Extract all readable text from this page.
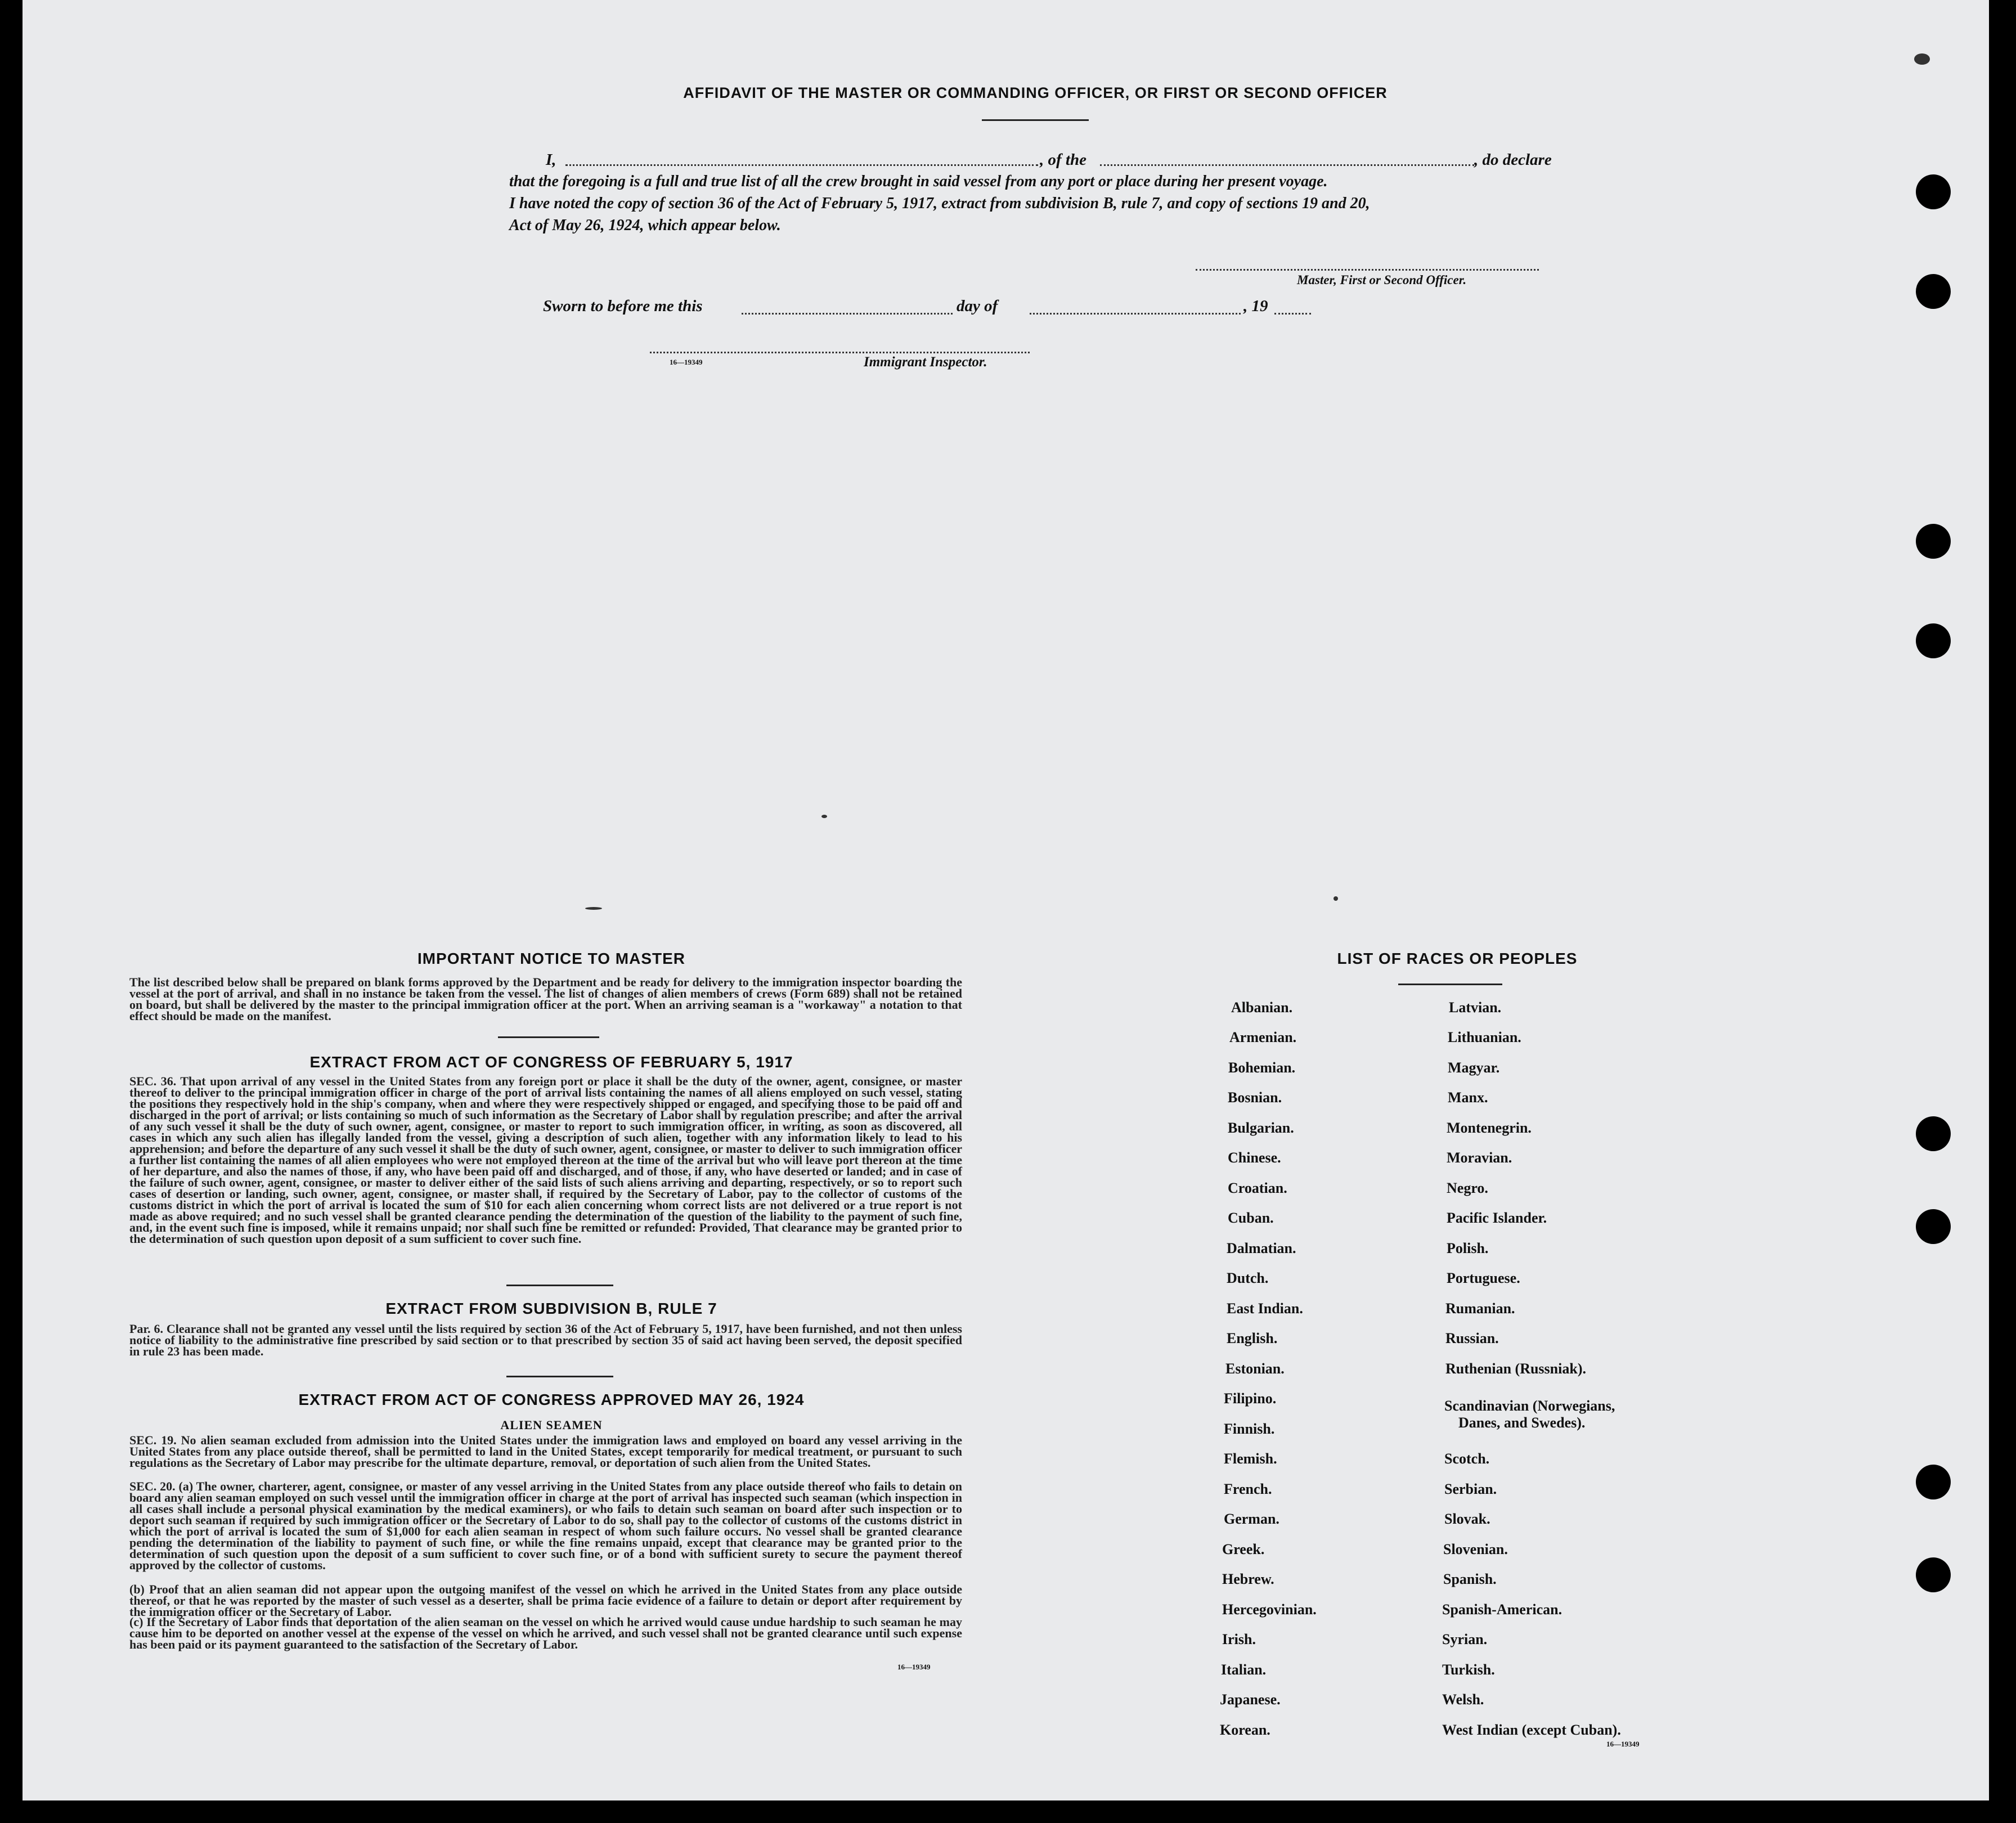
AFFIDAVIT OF THE MASTER OR COMMANDING OFFICER, OR FIRST OR SECOND OFFICER
I,	, of the	, do declare
that the foregoing is a full and true list of all the crew brought in said vessel from any port or place during her present voyage.
I have noted the copy of section 36 of the Act of February 5, 1917, extract from subdivision B, rule 7, and copy of sections 19 and 20,
Act of May 26, 1924, which appear below.
Master, First or Second Officer.
Sworn to before me this	day of	, 19
16—19349	Immigrant Inspector.
IMPORTANT NOTICE TO MASTER
The list described below shall be prepared on blank forms approved by the Department and be ready for delivery to the immigration inspector boarding the vessel at the port of arrival, and shall in no instance be taken from the vessel. The list of changes of alien members of crews (Form 689) shall not be retained on board, but shall be delivered by the master to the principal immigration officer at the port. When an arriving seaman is a "workaway" a notation to that effect should be made on the manifest.
EXTRACT FROM ACT OF CONGRESS OF FEBRUARY 5, 1917
SEC. 36. That upon arrival of any vessel in the United States from any foreign port or place it shall be the duty of the owner, agent, consignee, or master thereof to deliver to the principal immigration officer in charge of the port of arrival lists containing the names of all aliens employed on such vessel, stating the positions they respectively hold in the ship's company, when and where they were respectively shipped or engaged, and specifying those to be paid off and discharged in the port of arrival; or lists containing so much of such information as the Secretary of Labor shall by regulation prescribe; and after the arrival of any such vessel it shall be the duty of such owner, agent, consignee, or master to report to such immigration officer, in writing, as soon as discovered, all cases in which any such alien has illegally landed from the vessel, giving a description of such alien, together with any information likely to lead to his apprehension; and before the departure of any such vessel it shall be the duty of such owner, agent, consignee, or master to deliver to such immigration officer a further list containing the names of all alien employees who were not employed thereon at the time of the arrival but who will leave port thereon at the time of her departure, and also the names of those, if any, who have been paid off and discharged, and of those, if any, who have deserted or landed; and in case of the failure of such owner, agent, consignee, or master to deliver either of the said lists of such aliens arriving and departing, respectively, or so to report such cases of desertion or landing, such owner, agent, consignee, or master shall, if required by the Secretary of Labor, pay to the collector of customs of the customs district in which the port of arrival is located the sum of $10 for each alien concerning whom correct lists are not delivered or a true report is not made as above required; and no such vessel shall be granted clearance pending the determination of the question of the liability to the payment of such fine, and, in the event such fine is imposed, while it remains unpaid; nor shall such fine be remitted or refunded: Provided, That clearance may be granted prior to the determination of such question upon deposit of a sum sufficient to cover such fine.
EXTRACT FROM SUBDIVISION B, RULE 7
Par. 6. Clearance shall not be granted any vessel until the lists required by section 36 of the Act of February 5, 1917, have been furnished, and not then unless notice of liability to the administrative fine prescribed by said section or to that prescribed by section 35 of said act having been served, the deposit specified in rule 23 has been made.
EXTRACT FROM ACT OF CONGRESS APPROVED MAY 26, 1924
ALIEN SEAMEN
SEC. 19. No alien seaman excluded from admission into the United States under the immigration laws and employed on board any vessel arriving in the United States from any place outside thereof, shall be permitted to land in the United States, except temporarily for medical treatment, or pursuant to such regulations as the Secretary of Labor may prescribe for the ultimate departure, removal, or deportation of such alien from the United States.
SEC. 20. (a) The owner, charterer, agent, consignee, or master of any vessel arriving in the United States from any place outside thereof who fails to detain on board any alien seaman employed on such vessel until the immigration officer in charge at the port of arrival has inspected such seaman (which inspection in all cases shall include a personal physical examination by the medical examiners), or who fails to detain such seaman on board after such inspection or to deport such seaman if required by such immigration officer or the Secretary of Labor to do so, shall pay to the collector of customs of the customs district in which the port of arrival is located the sum of $1,000 for each alien seaman in respect of whom such failure occurs. No vessel shall be granted clearance pending the determination of the liability to payment of such fine, or while the fine remains unpaid, except that clearance may be granted prior to the determination of such question upon the deposit of a sum sufficient to cover such fine, or of a bond with sufficient surety to secure the payment thereof approved by the collector of customs.
(b) Proof that an alien seaman did not appear upon the outgoing manifest of the vessel on which he arrived in the United States from any place outside thereof, or that he was reported by the master of such vessel as a deserter, shall be prima facie evidence of a failure to detain or deport after requirement by the immigration officer or the Secretary of Labor.
(c) If the Secretary of Labor finds that deportation of the alien seaman on the vessel on which he arrived would cause undue hardship to such seaman he may cause him to be deported on another vessel at the expense of the vessel on which he arrived, and such vessel shall not be granted clearance until such expense has been paid or its payment guaranteed to the satisfaction of the Secretary of Labor.
16—19349
LIST OF RACES OR PEOPLES
Albanian.
Armenian.
Bohemian.
Bosnian.
Bulgarian.
Chinese.
Croatian.
Cuban.
Dalmatian.
Dutch.
East Indian.
English.
Estonian.
Filipino.
Finnish.
Flemish.
French.
German.
Greek.
Hebrew.
Hercegovinian.
Irish.
Italian.
Japanese.
Korean.
Latvian.
Lithuanian.
Magyar.
Manx.
Montenegrin.
Moravian.
Negro.
Pacific Islander.
Polish.
Portuguese.
Rumanian.
Russian.
Ruthenian (Russniak).
Scandinavian (Norwegians,
Danes, and Swedes).
Scotch.
Serbian.
Slovak.
Slovenian.
Spanish.
Spanish-American.
Syrian.
Turkish.
Welsh.
West Indian (except Cuban).
16—19349
